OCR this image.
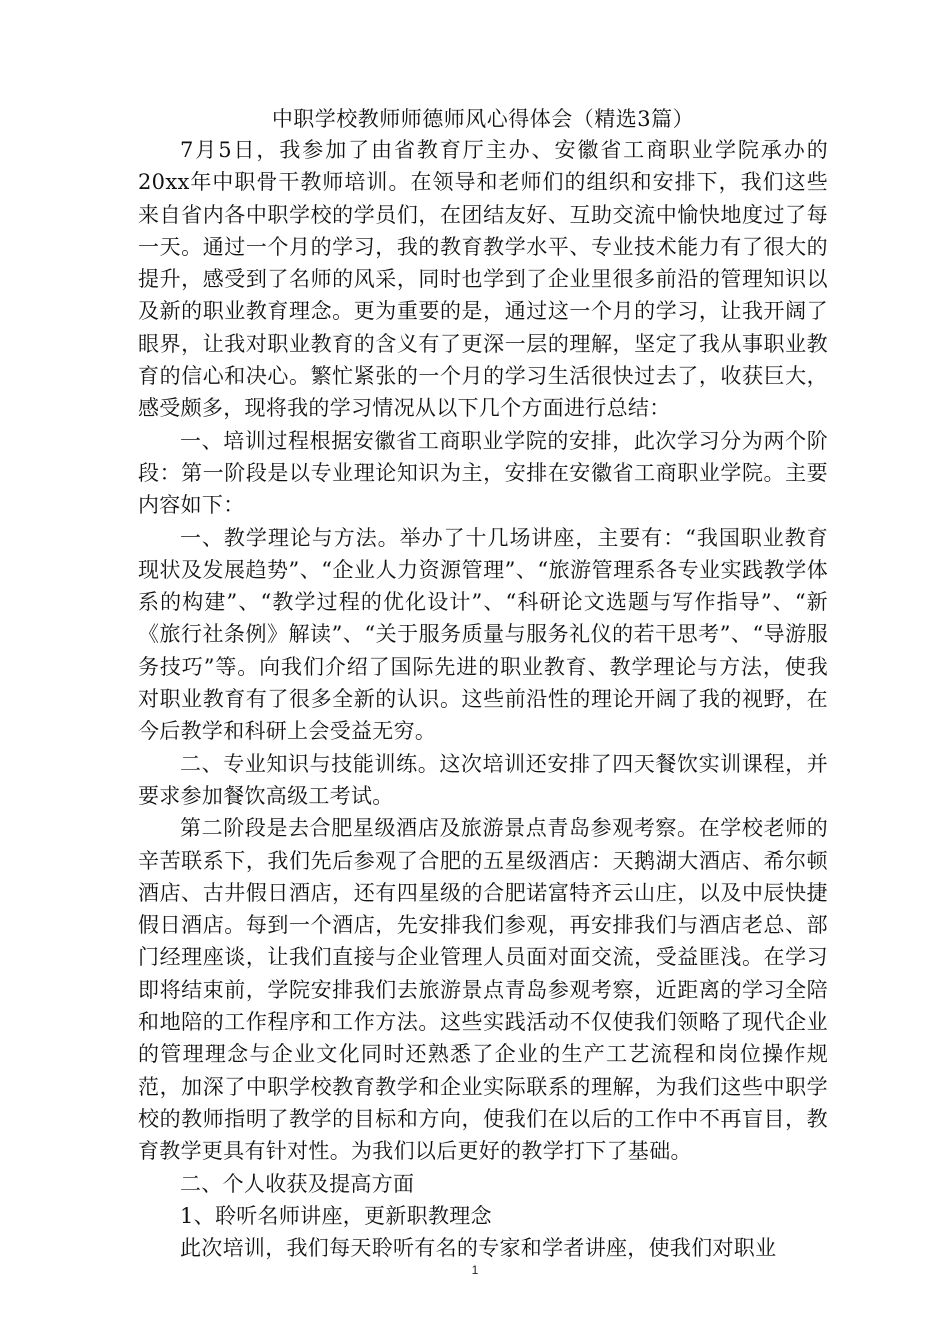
中职学校教师师德师风心得体会（精选3篇）

7月5日，我参加了由省教育厅主办、安徽省工商职业学院承办的20xx年中职骨干教师培训。在领导和老师们的组织和安排下，我们这些来自省内各中职学校的学员们，在团结友好、互助交流中愉快地度过了每一天。通过一个月的学习，我的教育教学水平、专业技术能力有了很大的提升，感受到了名师的风采，同时也学到了企业里很多前沿的管理知识以及新的职业教育理念。更为重要的是，通过这一个月的学习，让我开阔了眼界，让我对职业教育的含义有了更深一层的理解，坚定了我从事职业教育的信心和决心。繁忙紧张的一个月的学习生活很快过去了，收获巨大，感受颇多，现将我的学习情况从以下几个方面进行总结：

一、培训过程根据安徽省工商职业学院的安排，此次学习分为两个阶段：第一阶段是以专业理论知识为主，安排在安徽省工商职业学院。主要内容如下：

一、教学理论与方法。举办了十几场讲座，主要有：“我国职业教育现状及发展趋势”、“企业人力资源管理”、“旅游管理系各专业实践教学体系的构建”、“教学过程的优化设计”、“科研论文选题与写作指导”、“新《旅行社条例》解读”、“关于服务质量与服务礼仪的若干思考”、“导游服务技巧”等。向我们介绍了国际先进的职业教育、教学理论与方法，使我对职业教育有了很多全新的认识。这些前沿性的理论开阔了我的视野，在今后教学和科研上会受益无穷。

二、专业知识与技能训练。这次培训还安排了四天餐饮实训课程，并要求参加餐饮高级工考试。

第二阶段是去合肥星级酒店及旅游景点青岛参观考察。在学校老师的辛苦联系下，我们先后参观了合肥的五星级酒店：天鹅湖大酒店、希尔顿酒店、古井假日酒店，还有四星级的合肥诺富特齐云山庄，以及中辰快捷假日酒店。每到一个酒店，先安排我们参观，再安排我们与酒店老总、部门经理座谈，让我们直接与企业管理人员面对面交流，受益匪浅。在学习即将结束前，学院安排我们去旅游景点青岛参观考察，近距离的学习全陪和地陪的工作程序和工作方法。这些实践活动不仅使我们领略了现代企业的管理理念与企业文化同时还熟悉了企业的生产工艺流程和岗位操作规范，加深了中职学校教育教学和企业实际联系的理解，为我们这些中职学校的教师指明了教学的目标和方向，使我们在以后的工作中不再盲目，教育教学更具有针对性。为我们以后更好的教学打下了基础。

二、个人收获及提高方面

1、聆听名师讲座，更新职教理念

此次培训，我们每天聆听有名的专家和学者讲座，使我们对职业

1
